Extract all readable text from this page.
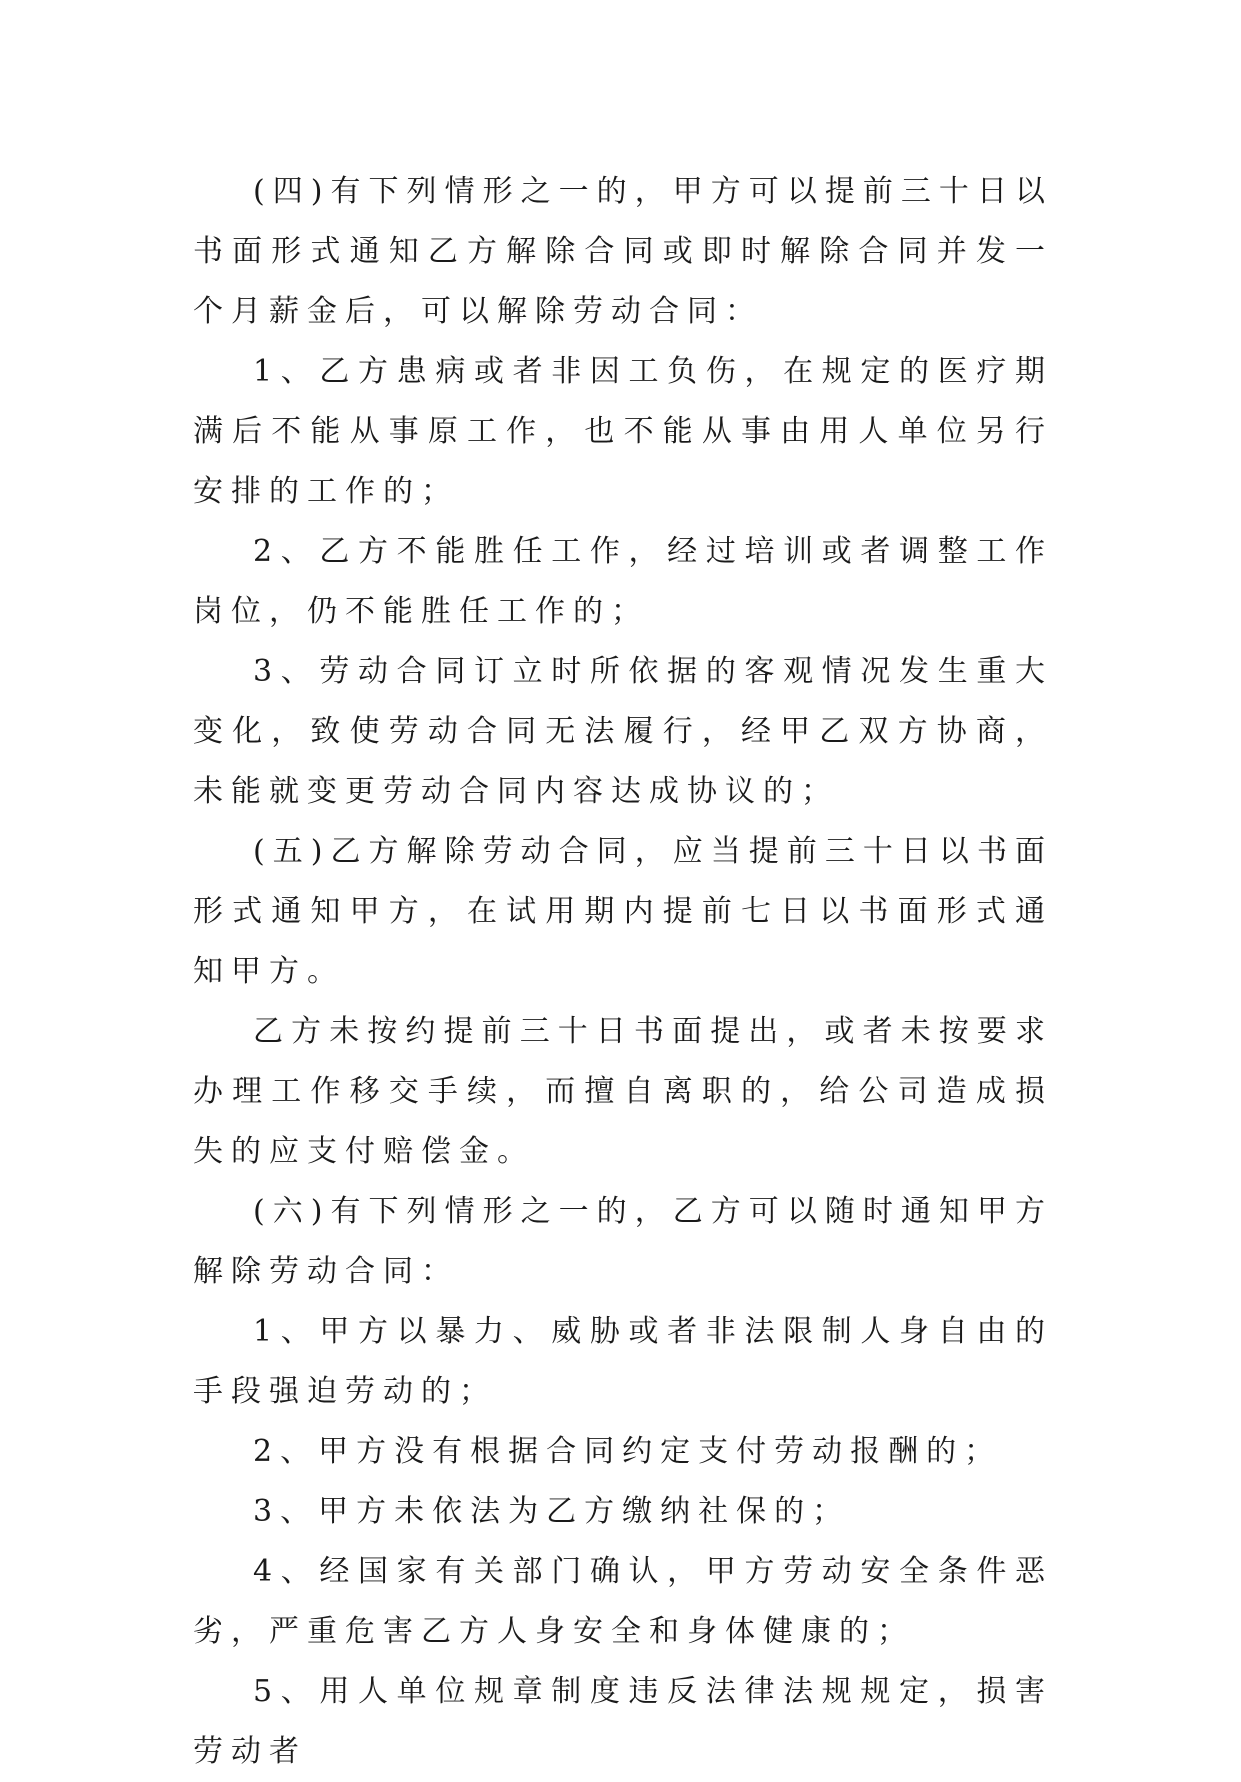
(四)有下列情形之一的，甲方可以提前三十日以书面形式通知乙方解除合同或即时解除合同并发一个月薪金后，可以解除劳动合同：

1、乙方患病或者非因工负伤，在规定的医疗期满后不能从事原工作，也不能从事由用人单位另行安排的工作的；

2、乙方不能胜任工作，经过培训或者调整工作岗位，仍不能胜任工作的；

3、劳动合同订立时所依据的客观情况发生重大变化，致使劳动合同无法履行，经甲乙双方协商，未能就变更劳动合同内容达成协议的；

(五)乙方解除劳动合同，应当提前三十日以书面形式通知甲方，在试用期内提前七日以书面形式通知甲方。

乙方未按约提前三十日书面提出，或者未按要求办理工作移交手续，而擅自离职的，给公司造成损失的应支付赔偿金。

(六)有下列情形之一的，乙方可以随时通知甲方解除劳动合同：

1、甲方以暴力、威胁或者非法限制人身自由的手段强迫劳动的；

2、甲方没有根据合同约定支付劳动报酬的；

3、甲方未依法为乙方缴纳社保的；

4、经国家有关部门确认，甲方劳动安全条件恶劣，严重危害乙方人身安全和身体健康的；

5、用人单位规章制度违反法律法规规定，损害劳动者
